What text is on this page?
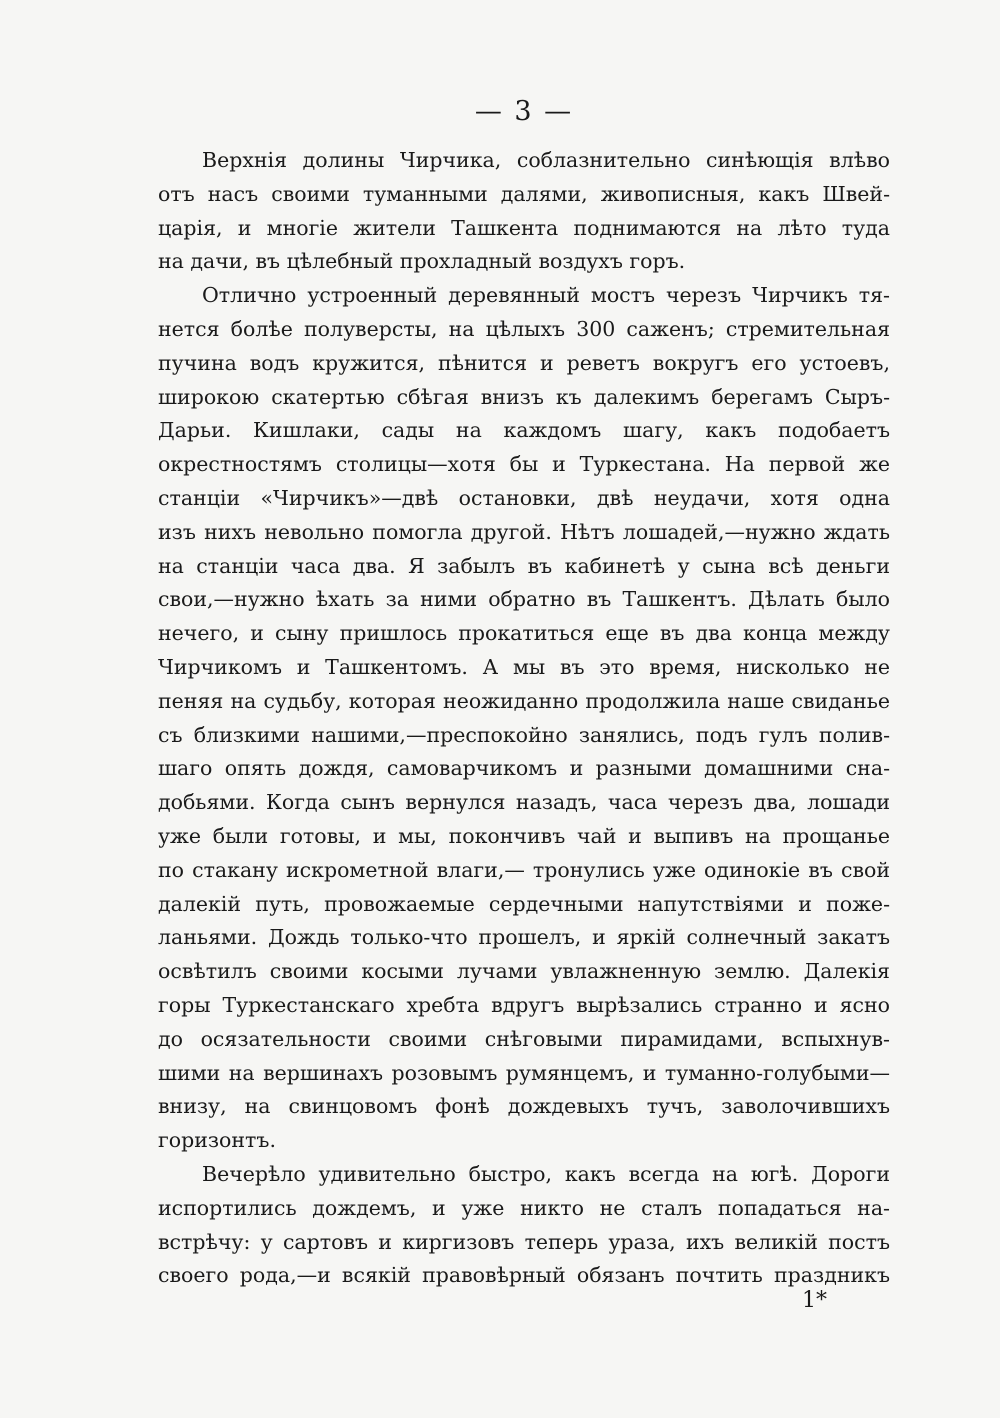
— 3 —
Верхнія долины Чирчика, соблазнительно синѣющія влѣво
отъ насъ своими туманными далями, живописныя, какъ Швей-
царія, и многіе жители Ташкента поднимаются на лѣто туда
на дачи, въ цѣлебный прохладный воздухъ горъ.
Отлично устроенный деревянный мостъ черезъ Чирчикъ тя-
нется болѣе полуверсты, на цѣлыхъ 300 саженъ; стремительная
пучина водъ кружится, пѣнится и реветъ вокругъ его устоевъ,
широкою скатертью сбѣгая внизъ къ далекимъ берегамъ Сыръ-
Дарьи. Кишлаки, сады на каждомъ шагу, какъ подобаетъ
окрестностямъ столицы—хотя бы и Туркестана. На первой же
станціи «Чирчикъ»—двѣ остановки, двѣ неудачи, хотя одна
изъ нихъ невольно помогла другой. Нѣтъ лошадей,—нужно ждать
на станціи часа два. Я забылъ въ кабинетѣ у сына всѣ деньги
свои,—нужно ѣхать за ними обратно въ Ташкентъ. Дѣлать было
нечего, и сыну пришлось прокатиться еще въ два конца между
Чирчикомъ и Ташкентомъ. А мы въ это время, нисколько не
пеняя на судьбу, которая неожиданно продолжила наше свиданье
съ близкими нашими,—преспокойно занялись, подъ гулъ полив-
шаго опять дождя, самоварчикомъ и разными домашними сна-
добьями. Когда сынъ вернулся назадъ, часа черезъ два, лошади
уже были готовы, и мы, покончивъ чай и выпивъ на прощанье
по стакану искрометной влаги,— тронулись уже одинокіе въ свой
далекій путь, провожаемые сердечными напутствіями и поже-
ланьями. Дождь только-что прошелъ, и яркій солнечный закатъ
освѣтилъ своими косыми лучами увлажненную землю. Далекія
горы Туркестанскаго хребта вдругъ вырѣзались странно и ясно
до осязательности своими снѣговыми пирамидами, вспыхнув-
шими на вершинахъ розовымъ румянцемъ, и туманно-голубыми—
внизу, на свинцовомъ фонѣ дождевыхъ тучъ, заволочившихъ
горизонтъ.
Вечерѣло удивительно быстро, какъ всегда на югѣ. Дороги
испортились дождемъ, и уже никто не сталъ попадаться на-
встрѣчу: у сартовъ и киргизовъ теперь ураза, ихъ великій постъ
своего рода,—и всякій правовѣрный обязанъ почтить праздникъ
1*
